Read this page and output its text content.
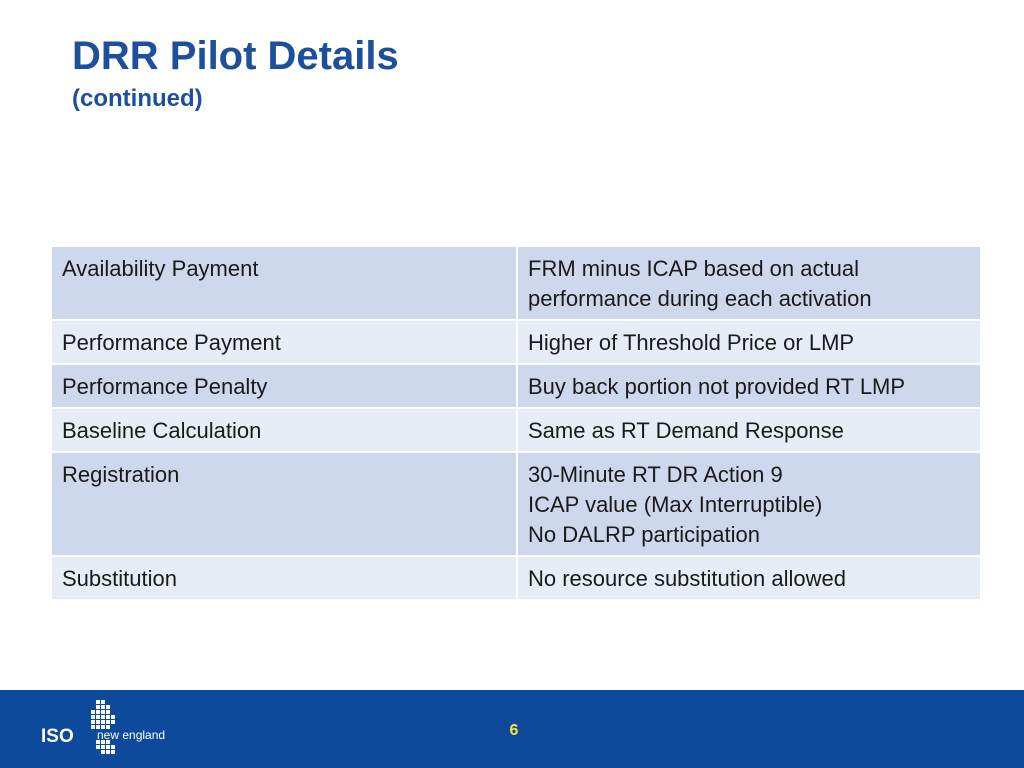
DRR Pilot Details
(continued)
Availability Payment	FRM minus ICAP based on actual
performance during each activation

Performance Payment	Higher of Threshold Price or LMP

Performance Penalty	Buy back portion not provided RT LMP

Baseline Calculation	Same as RT Demand Response

Registration	30-Minute RT DR Action 9
ICAP value (Max Interruptible)
No DALRP participation

Substitution	No resource substitution allowed
ISO new england	6
